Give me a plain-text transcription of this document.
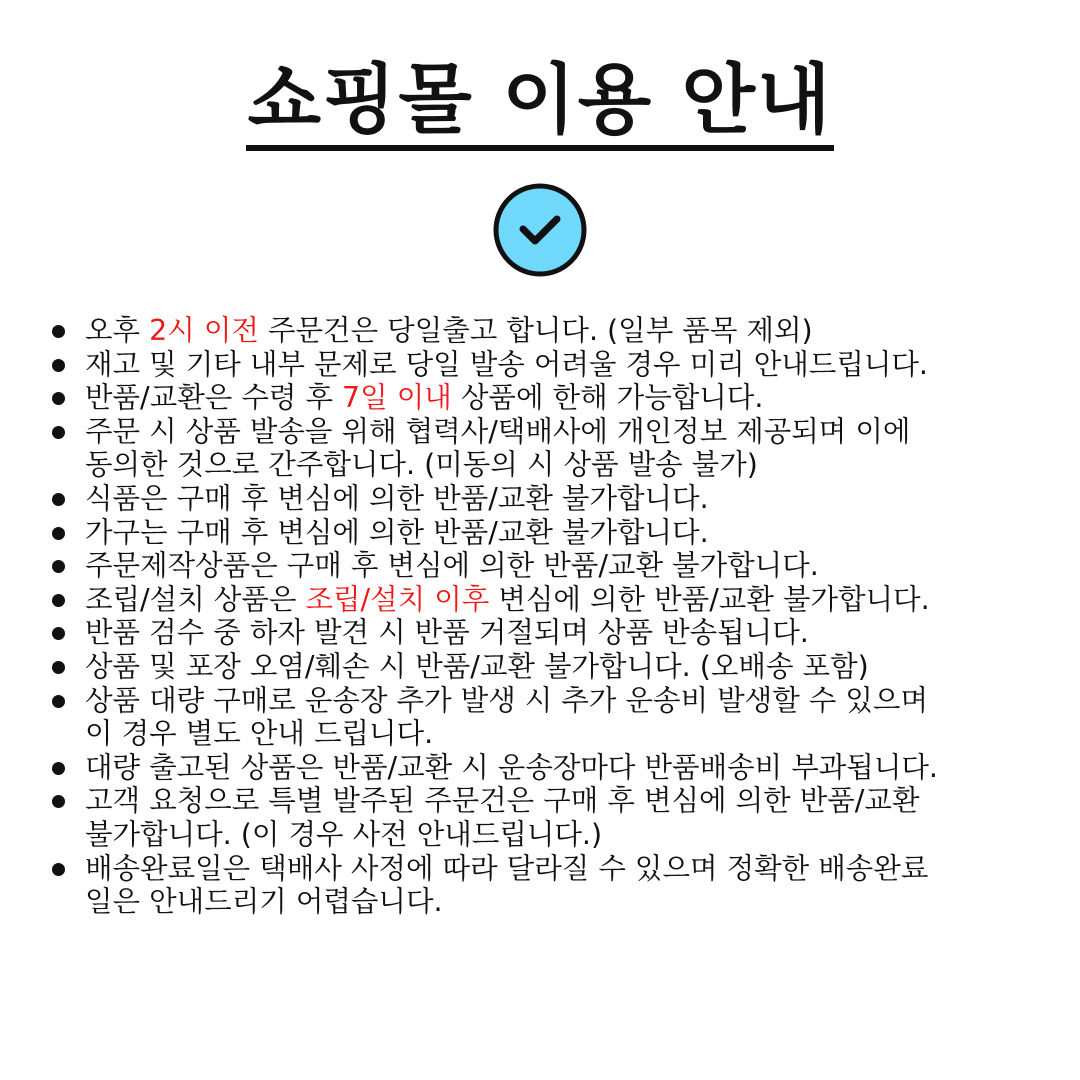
쇼핑몰 이용 안내
오후 2시 이전 주문건은 당일출고 합니다. (일부 품목 제외)
재고 및 기타 내부 문제로 당일 발송 어려울 경우 미리 안내드립니다.
반품/교환은 수령 후 7일 이내 상품에 한해 가능합니다.
주문 시 상품 발송을 위해 협력사/택배사에 개인정보 제공되며 이에
동의한 것으로 간주합니다. (미동의 시 상품 발송 불가)
식품은 구매 후 변심에 의한 반품/교환 불가합니다.
가구는 구매 후 변심에 의한 반품/교환 불가합니다.
주문제작상품은 구매 후 변심에 의한 반품/교환 불가합니다.
조립/설치 상품은 조립/설치 이후 변심에 의한 반품/교환 불가합니다.
반품 검수 중 하자 발견 시 반품 거절되며 상품 반송됩니다.
상품 및 포장 오염/훼손 시 반품/교환 불가합니다. (오배송 포함)
상품 대량 구매로 운송장 추가 발생 시 추가 운송비 발생할 수 있으며
이 경우 별도 안내 드립니다.
대량 출고된 상품은 반품/교환 시 운송장마다 반품배송비 부과됩니다.
고객 요청으로 특별 발주된 주문건은 구매 후 변심에 의한 반품/교환
불가합니다. (이 경우 사전 안내드립니다.)
배송완료일은 택배사 사정에 따라 달라질 수 있으며 정확한 배송완료
일은 안내드리기 어렵습니다.
